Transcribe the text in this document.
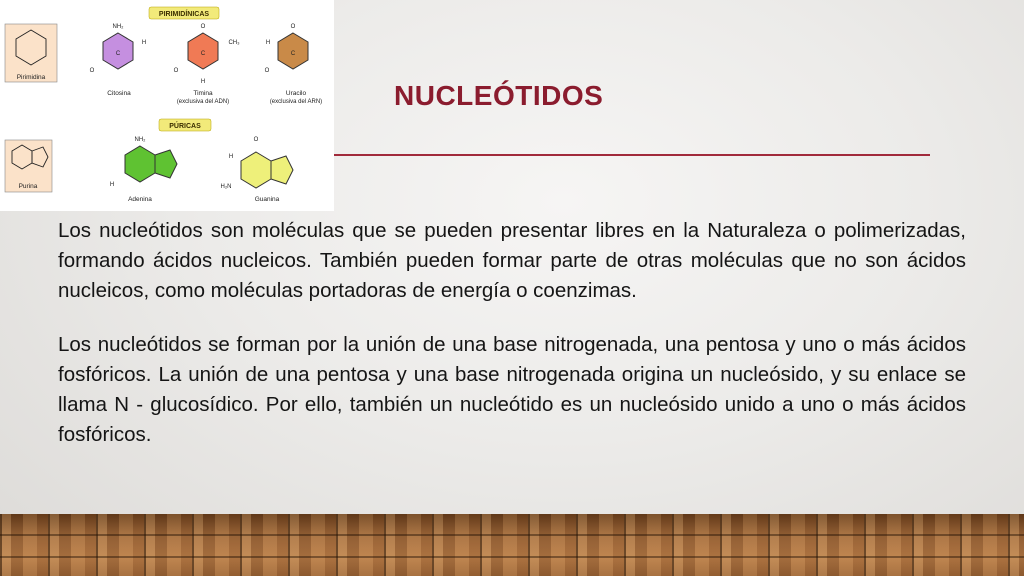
PIRIMIDÍNICAS
PÚRICAS
Pirimidina
C
NH₂
O
H
Citosina
C
O
CH₃
O
H
Timina
(exclusiva del ADN)
C
O
H
O
Uracilo
(exclusiva del ARN)
Purina
NH₂
H
Adenina
O
H
H₂N
Guanina
NUCLEÓTIDOS

Los nucleótidos son moléculas que se pueden presentar libres en la Naturaleza o polimerizadas, formando ácidos nucleicos. También pueden formar parte de otras moléculas que no son ácidos nucleicos, como moléculas portadoras de energía o coenzimas.

Los nucleótidos se forman por la unión de una base nitrogenada, una pentosa y uno o más ácidos fosfóricos. La unión de una pentosa y una base nitrogenada origina un nucleósido, y su enlace se llama N - glucosídico. Por ello, también un nucleótido es un nucleósido unido a uno o más ácidos fosfóricos.
